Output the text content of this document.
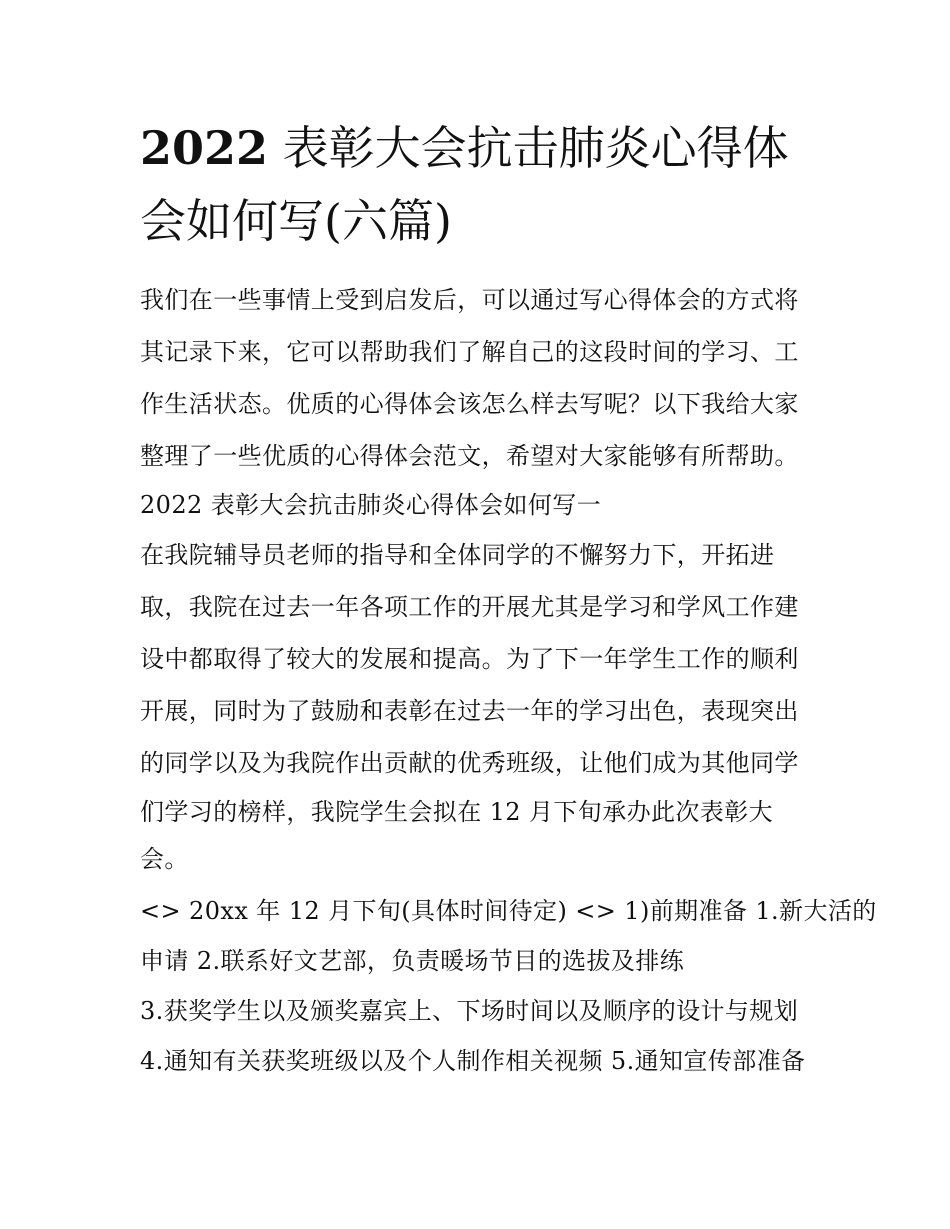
2022 表彰大会抗击肺炎心得体
会如何写(六篇)

我们在一些事情上受到启发后，可以通过写心得体会的方式将

其记录下来，它可以帮助我们了解自己的这段时间的学习、工

作生活状态。优质的心得体会该怎么样去写呢？以下我给大家

整理了一些优质的心得体会范文，希望对大家能够有所帮助。

2022 表彰大会抗击肺炎心得体会如何写一

在我院辅导员老师的指导和全体同学的不懈努力下，开拓进

取，我院在过去一年各项工作的开展尤其是学习和学风工作建

设中都取得了较大的发展和提高。为了下一年学生工作的顺利

开展，同时为了鼓励和表彰在过去一年的学习出色，表现突出

的同学以及为我院作出贡献的优秀班级，让他们成为其他同学

们学习的榜样，我院学生会拟在 12 月下旬承办此次表彰大

会。

<> 20xx 年 12 月下旬(具体时间待定) <> 1)前期准备 1.新大活的

申请 2.联系好文艺部，负责暖场节目的选拔及排练

3.获奖学生以及颁奖嘉宾上、下场时间以及顺序的设计与规划

4.通知有关获奖班级以及个人制作相关视频 5.通知宣传部准备
